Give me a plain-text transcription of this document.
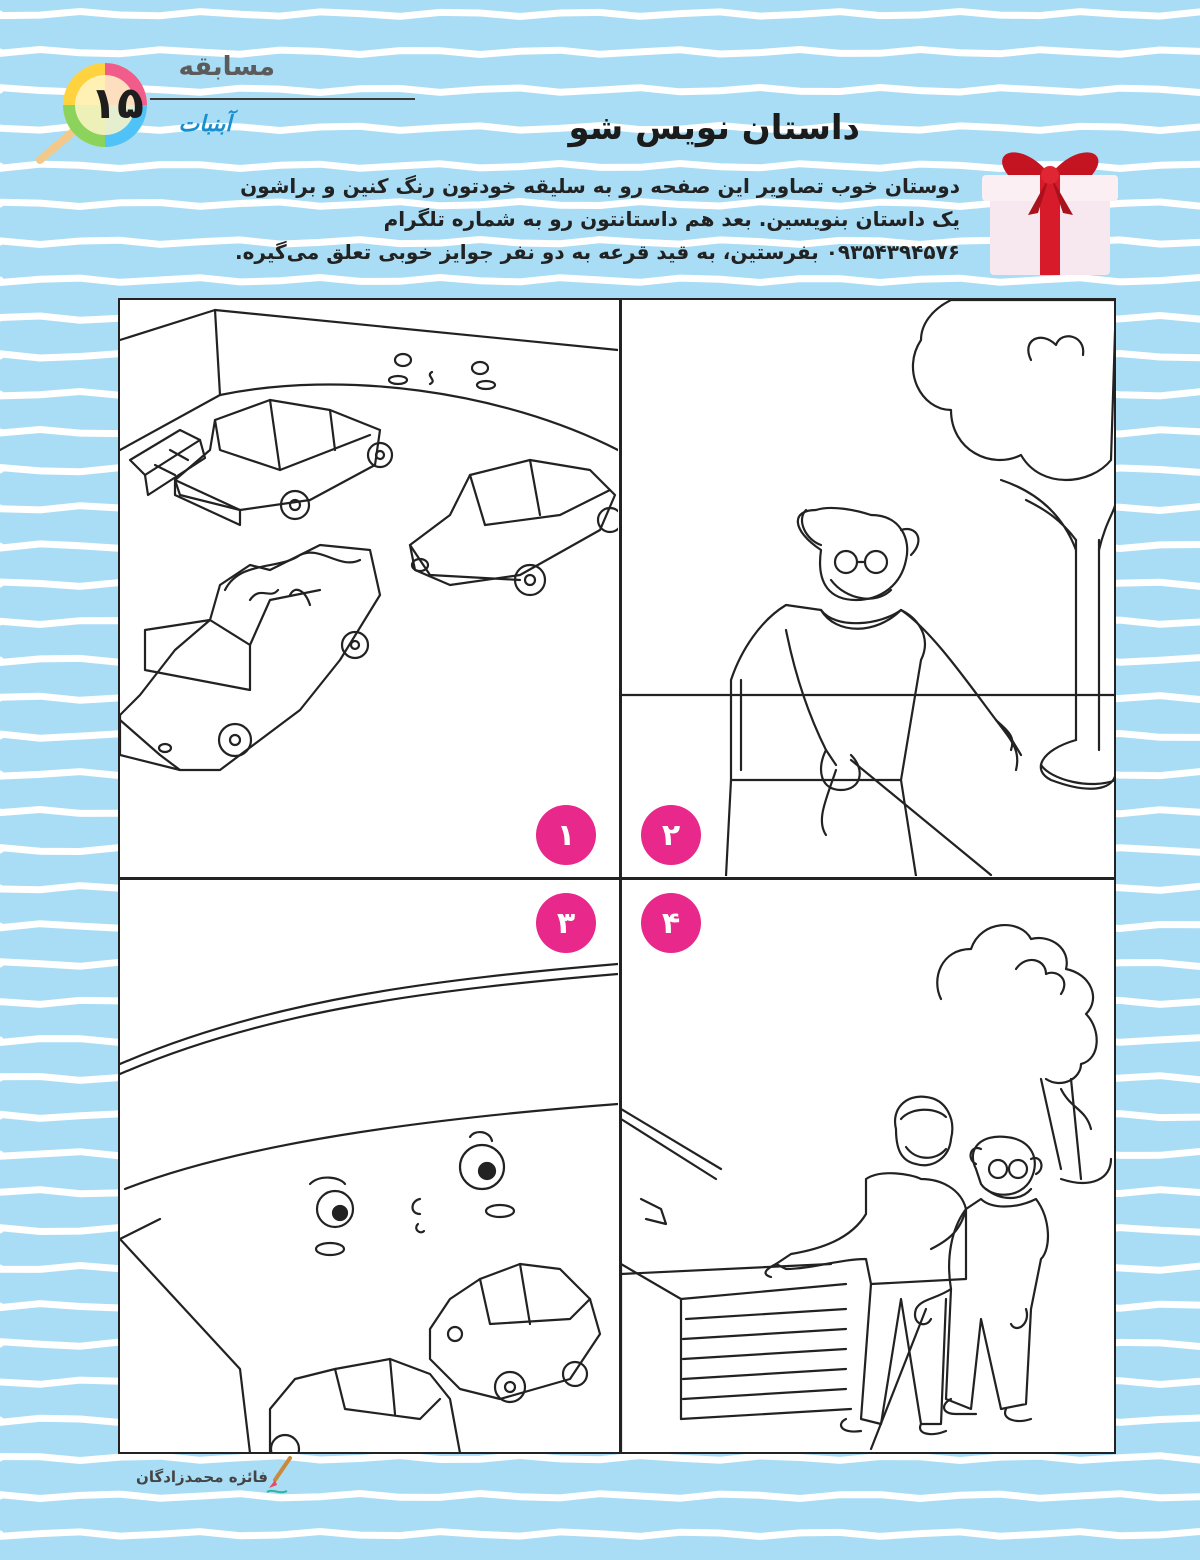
۱۵
مسابقه
آبنبات	داستان نویس شو
دوستان خوب تصاویر این صفحه رو به سلیقه خودتون رنگ کنین و براشون
یک داستان بنویسین. بعد هم داستانتون رو به شماره تلگرام
۰۹۳۵۴۳۹۴۵۷۶ بفرستین، به قید قرعه به دو نفر جوایز خوبی تعلق می‌گیره.
۱	۲
۳	۴
فائزه محمدزادگان
